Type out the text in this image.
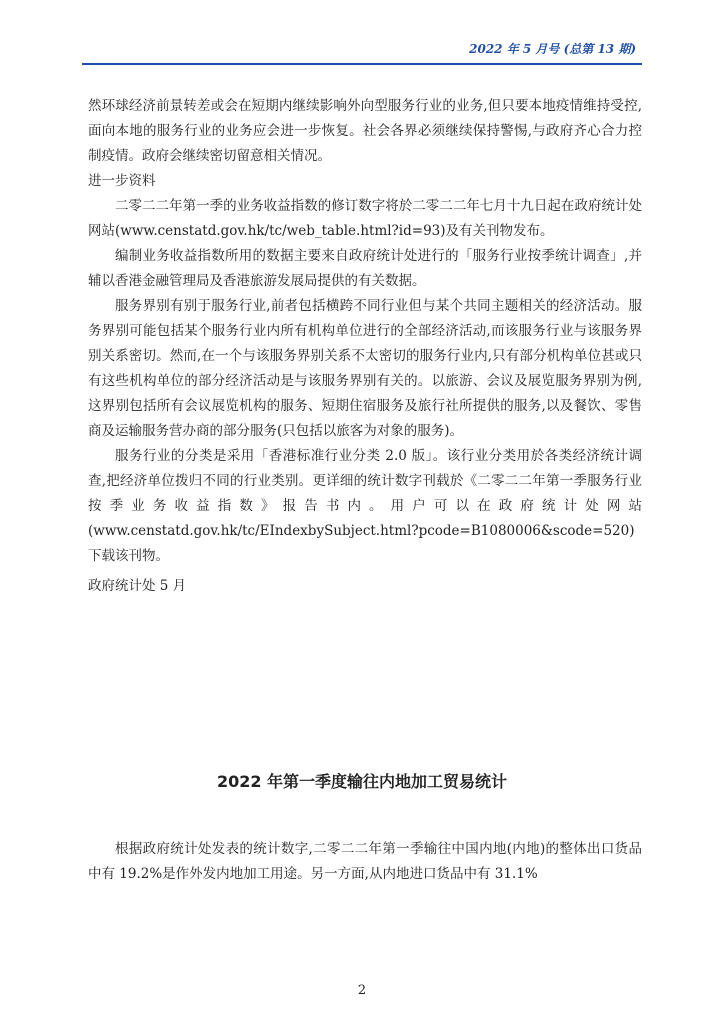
2022 年 5 月号 (总第 13 期)

然环球经济前景转差或会在短期内继续影响外向型服务行业的业务,但只要本地疫情维持受控,面向本地的服务行业的业务应会进一步恢复。社会各界必须继续保持警惕,与政府齐心合力控制疫情。政府会继续密切留意相关情况。

进一步资料

二零二二年第一季的业务收益指数的修订数字将於二零二二年七月十九日起在政府统计处网站(www.censtatd.gov.hk/tc/web_table.html?id=93)及有关刊物发布。

编制业务收益指数所用的数据主要来自政府统计处进行的「服务行业按季统计调查」,并辅以香港金融管理局及香港旅游发展局提供的有关数据。

服务界别有别于服务行业,前者包括横跨不同行业但与某个共同主题相关的经济活动。服务界别可能包括某个服务行业内所有机构单位进行的全部经济活动,而该服务行业与该服务界别关系密切。然而,在一个与该服务界别关系不太密切的服务行业内,只有部分机构单位甚或只有这些机构单位的部分经济活动是与该服务界别有关的。以旅游、会议及展览服务界别为例,这界别包括所有会议展览机构的服务、短期住宿服务及旅行社所提供的服务,以及餐饮、零售商及运输服务营办商的部分服务(只包括以旅客为对象的服务)。

服务行业的分类是采用「香港标准行业分类 2.0 版」。该行业分类用於各类经济统计调查,把经济单位拨归不同的行业类别。更详细的统计数字刊载於《二零二二年第一季服务行业按季业务收益指数》报告书内。用户可以在政府统计处网站(www.censtatd.gov.hk/tc/EIndexbySubject.html?pcode=B1080006&scode=520)下载该刊物。

政府统计处 5 月

2022 年第一季度输往内地加工贸易统计

根据政府统计处发表的统计数字,二零二二年第一季输往中国内地(内地)的整体出口货品中有 19.2%是作外发内地加工用途。另一方面,从内地进口货品中有 31.1%

2
